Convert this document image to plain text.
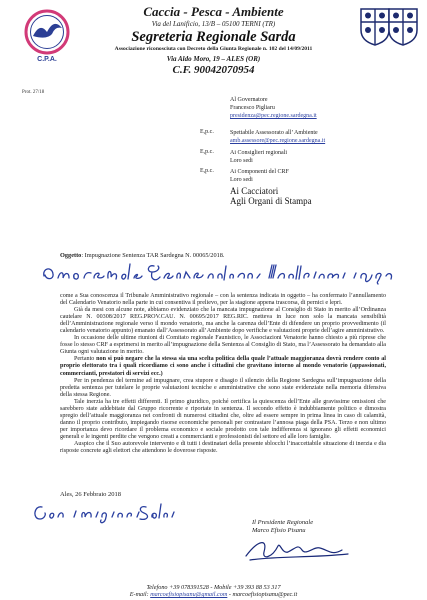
C.P.A.
Caccia - Pesca - Ambiente
Via del Lanificio, 13/B – 05100 TERNI (TR)
Segreteria Regionale Sarda
Associazione riconosciuta con Decreto della Giunta Regionale n. 102 del 14/09/2011
Via Aldo Moro, 19 – ALES (OR)
C.F. 90042070954
Prot. 27/18
Al Governatore
Francesco Pigliaru
presidenza@pec.regione.sardegna.it
E,p.c.	Spettabile Assessorato all’ Ambiente
amb.assessore@pec.regione.sardegna.it
E,p.c.	Ai Consiglieri regionali
Loro sedi
E,p.c.	Ai Componenti del CRF
Loro sedi
Ai Cacciatori
Agli Organi di Stampa
Oggetto: Impugnazione Sentenza TAR Sardegna N. 00065/2018.
Onorevole Governatore, Illustrissimi in indirizzo

come a Sua conoscenza il Tribunale Amministrativo regionale – con la sentenza indicata in oggetto – ha confermato l’annullamento del Calendario Venatorio nella parte in cui consentiva il prelievo, per la stagione appena trascorsa, di pernici e lepri.

Già da mesi con alcune note, abbiamo evidenziato che la mancata impugnazione al Consiglio di Stato in merito all’Ordinanza cautelare N. 00308/2017 REG.PROV.CAU. N. 00695/2017 REG.RIC. metteva in luce non solo la mancata sensibilità dell’Amministrazione regionale verso il mondo venatorio, ma anche la carenza dell’Ente di difendere un proprio provvedimento (il calendario venatorio appunto) emanato dall’Assessorato all’Ambiente dopo verifiche e valutazioni proprie dell’agire amministrativo.

In occasione delle ultime riunioni di Comitato regionale Faunistico, le Associazioni Venatorie hanno chiesto a più riprese che fosse lo stesso CRF a esprimersi in merito all’impugnazione della Sentenza al Consiglio di Stato, ma l’Assessorato ha demandato alla Giunta ogni valutazione in merito.

Pertanto non si può negare che la stessa sia una scelta politica della quale l’attuale maggioranza dovrà rendere conto al proprio elettorato tra i quali ricordiamo ci sono anche i cittadini che gravitano intorno al mondo venatorio (appassionati, commercianti, prestatori di servizi ecc.)

Per in pendenza del termine ad impugnare, crea stupore e disagio il silenzio della Regione Sardegna sull’impugnazione della predetta sentenza per tutelare le proprie valutazioni tecniche e amministrative che sono state evidenziate nella memoria difensiva della stessa Regione.

Tale inerzia ha tre effetti differenti. Il primo giuridico, poiché certifica la quiescenza dell’Ente alle gravissime omissioni che sarebbero state addebitate dal Gruppo ricorrente e riportate in sentenza. Il secondo effetto è indubbiamente politico e dimostra spregio dell’attuale maggioranza nei confronti di numerosi cittadini che, oltre ad essere sempre in prima linea in caso di calamità, danno il proprio contributo, impiegando risorse economiche personali per contrastare l’annosa piaga della PSA. Terzo e non ultimo per importanza devo ricordare il problema economico e sociale prodotto con tale indifferenza si ignorano gli effetti economici generali e le ingenti perdite che vengono creati a commercianti e professionisti del settore ed alle loro famiglie.

Auspico che il Suo autorevole intervento e di tutti i destinatari della presente sblocchi l’inaccettabile situazione di inerzia e dia risposte concrete agli elettori che attendono le doverose risposte.

Ales, 26 Febbraio 2018
Con i migliori Saluti
Il Presidente Regionale
Marco Efisio Pisanu
Telefono +39 078391528 - Mobile +39 393 88 53 317
E-mail: marcoefisiopisanu@gmail.com - marcoefisiopisanu@pec.it
